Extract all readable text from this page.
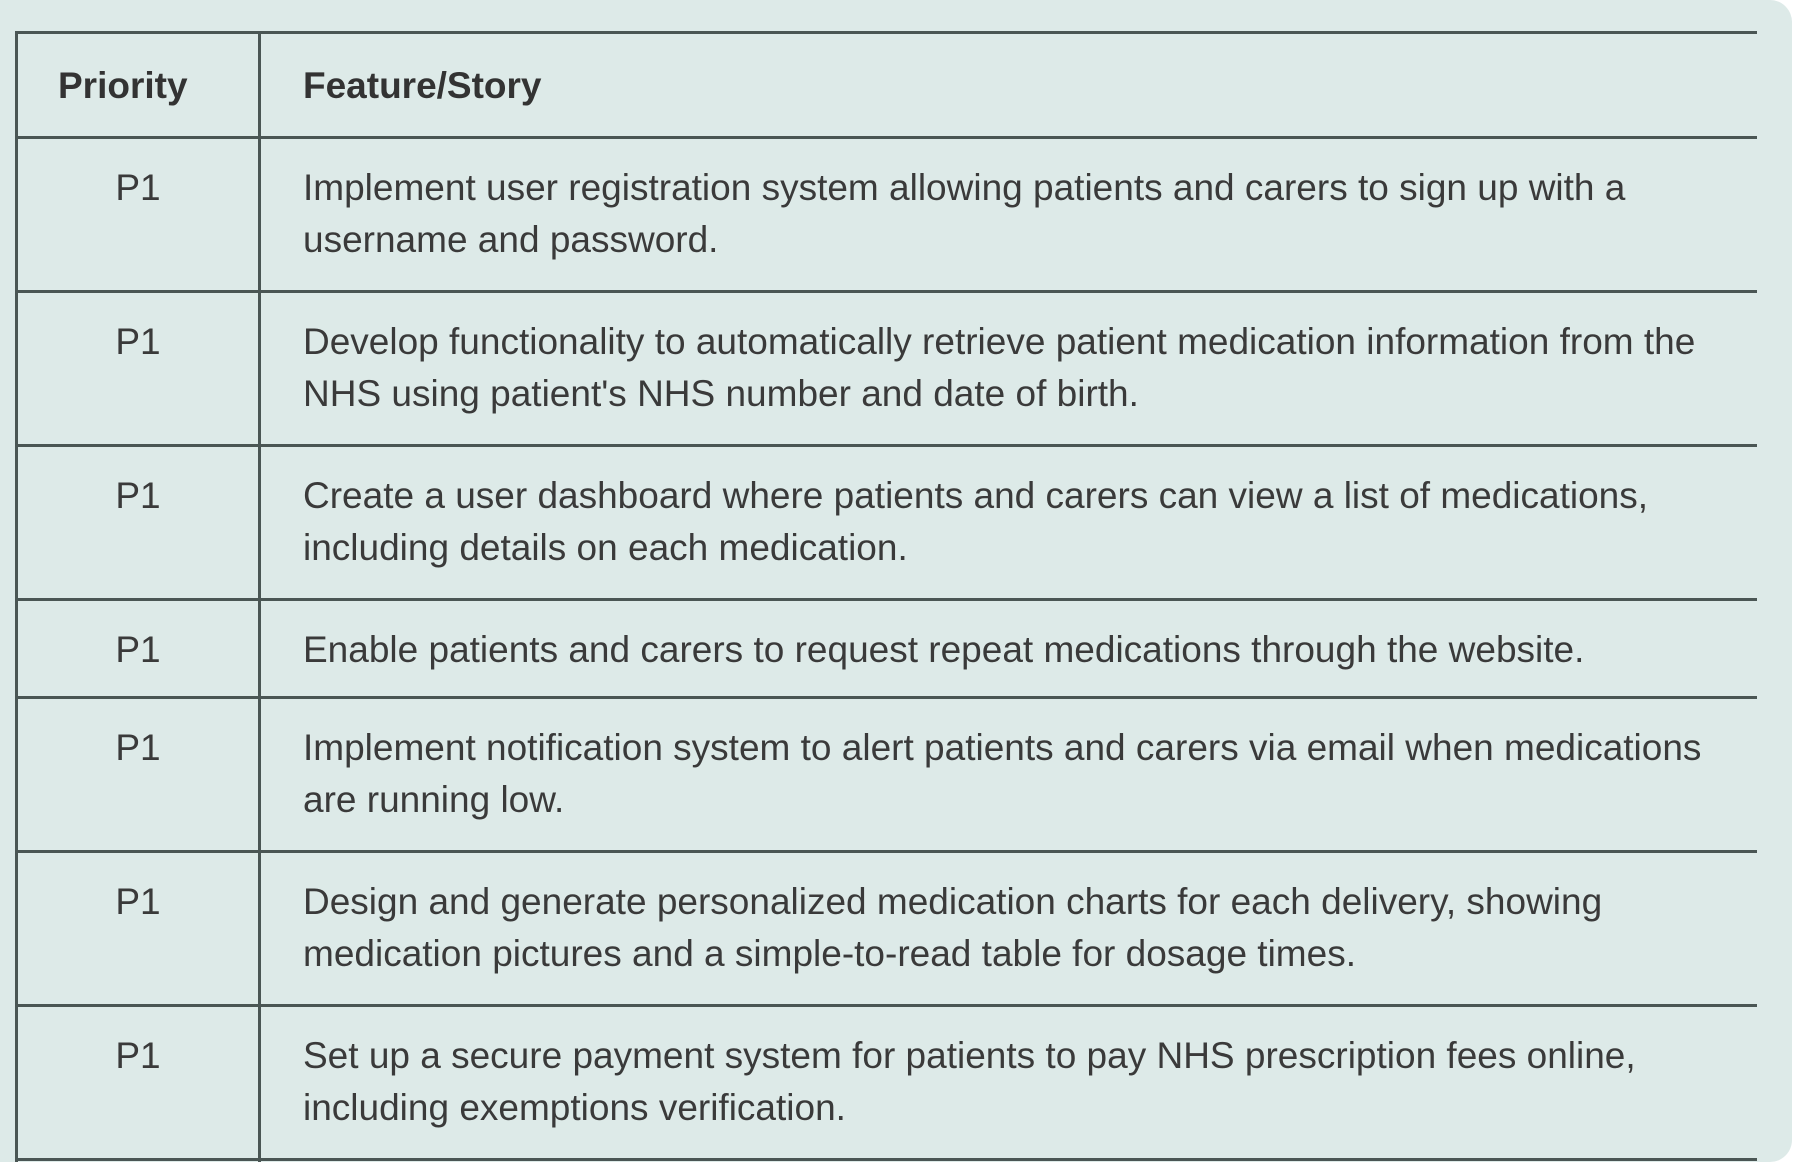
Priority	Feature/Story
P1	Implement user registration system allowing patients and carers to sign up with a username and password.
P1	Develop functionality to automatically retrieve patient medication information from the NHS using patient's NHS number and date of birth.
P1	Create a user dashboard where patients and carers can view a list of medications, including details on each medication.
P1	Enable patients and carers to request repeat medications through the website.
P1	Implement notification system to alert patients and carers via email when medications are running low.
P1	Design and generate personalized medication charts for each delivery, showing medication pictures and a simple-to-read table for dosage times.
P1	Set up a secure payment system for patients to pay NHS prescription fees online, including exemptions verification.
